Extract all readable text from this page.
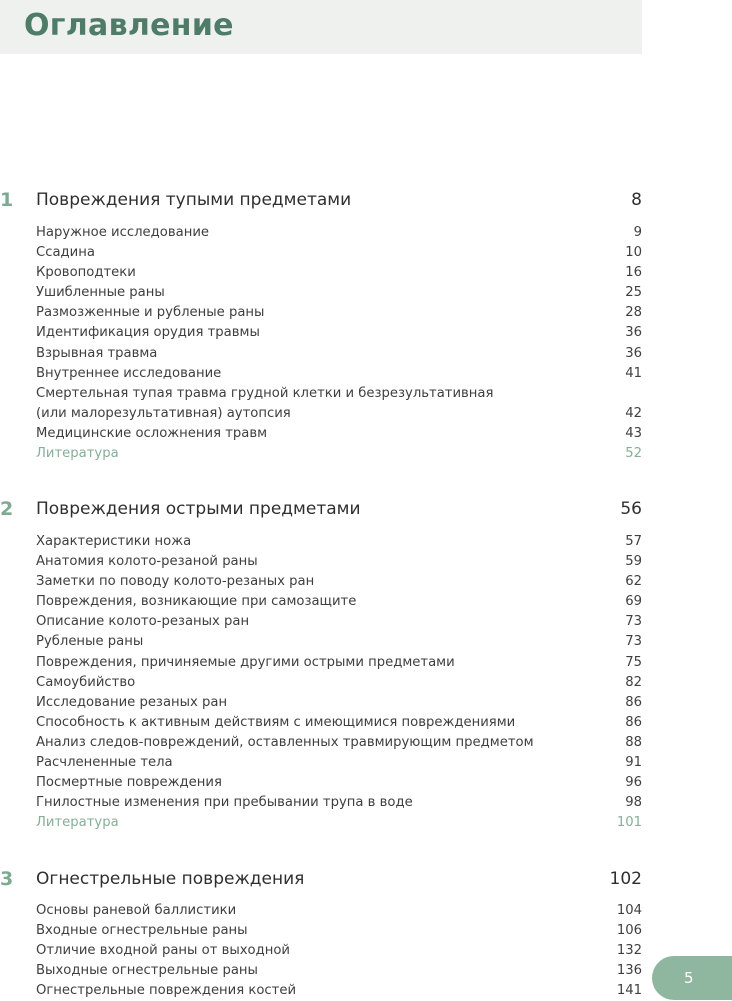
Оглавление
1 Повреждения тупыми предметами	8
Наружное исследование	9
Ссадина	10
Кровоподтеки	16
Ушибленные раны	25
Размозженные и рубленые раны	28
Идентификация орудия травмы	36
Взрывная травма	36
Внутреннее исследование	41
Смертельная тупая травма грудной клетки и безрезультативная
(или малорезультативная) аутопсия	42
Медицинские осложнения травм	43
Литература	52
2 Повреждения острыми предметами	56
Характеристики ножа	57
Анатомия колото-резаной раны	59
Заметки по поводу колото-резаных ран	62
Повреждения, возникающие при самозащите	69
Описание колото-резаных ран	73
Рубленые раны	73
Повреждения, причиняемые другими острыми предметами	75
Самоубийство	82
Исследование резаных ран	86
Способность к активным действиям с имеющимися повреждениями	86
Анализ следов-повреждений, оставленных травмирующим предметом	88
Расчлененные тела	91
Посмертные повреждения	96
Гнилостные изменения при пребывании трупа в воде	98
Литература	101
3 Огнестрельные повреждения	102
Основы раневой баллистики	104
Входные огнестрельные раны	106
Отличие входной раны от выходной	132
Выходные огнестрельные раны	136
Огнестрельные повреждения костей	141
5
